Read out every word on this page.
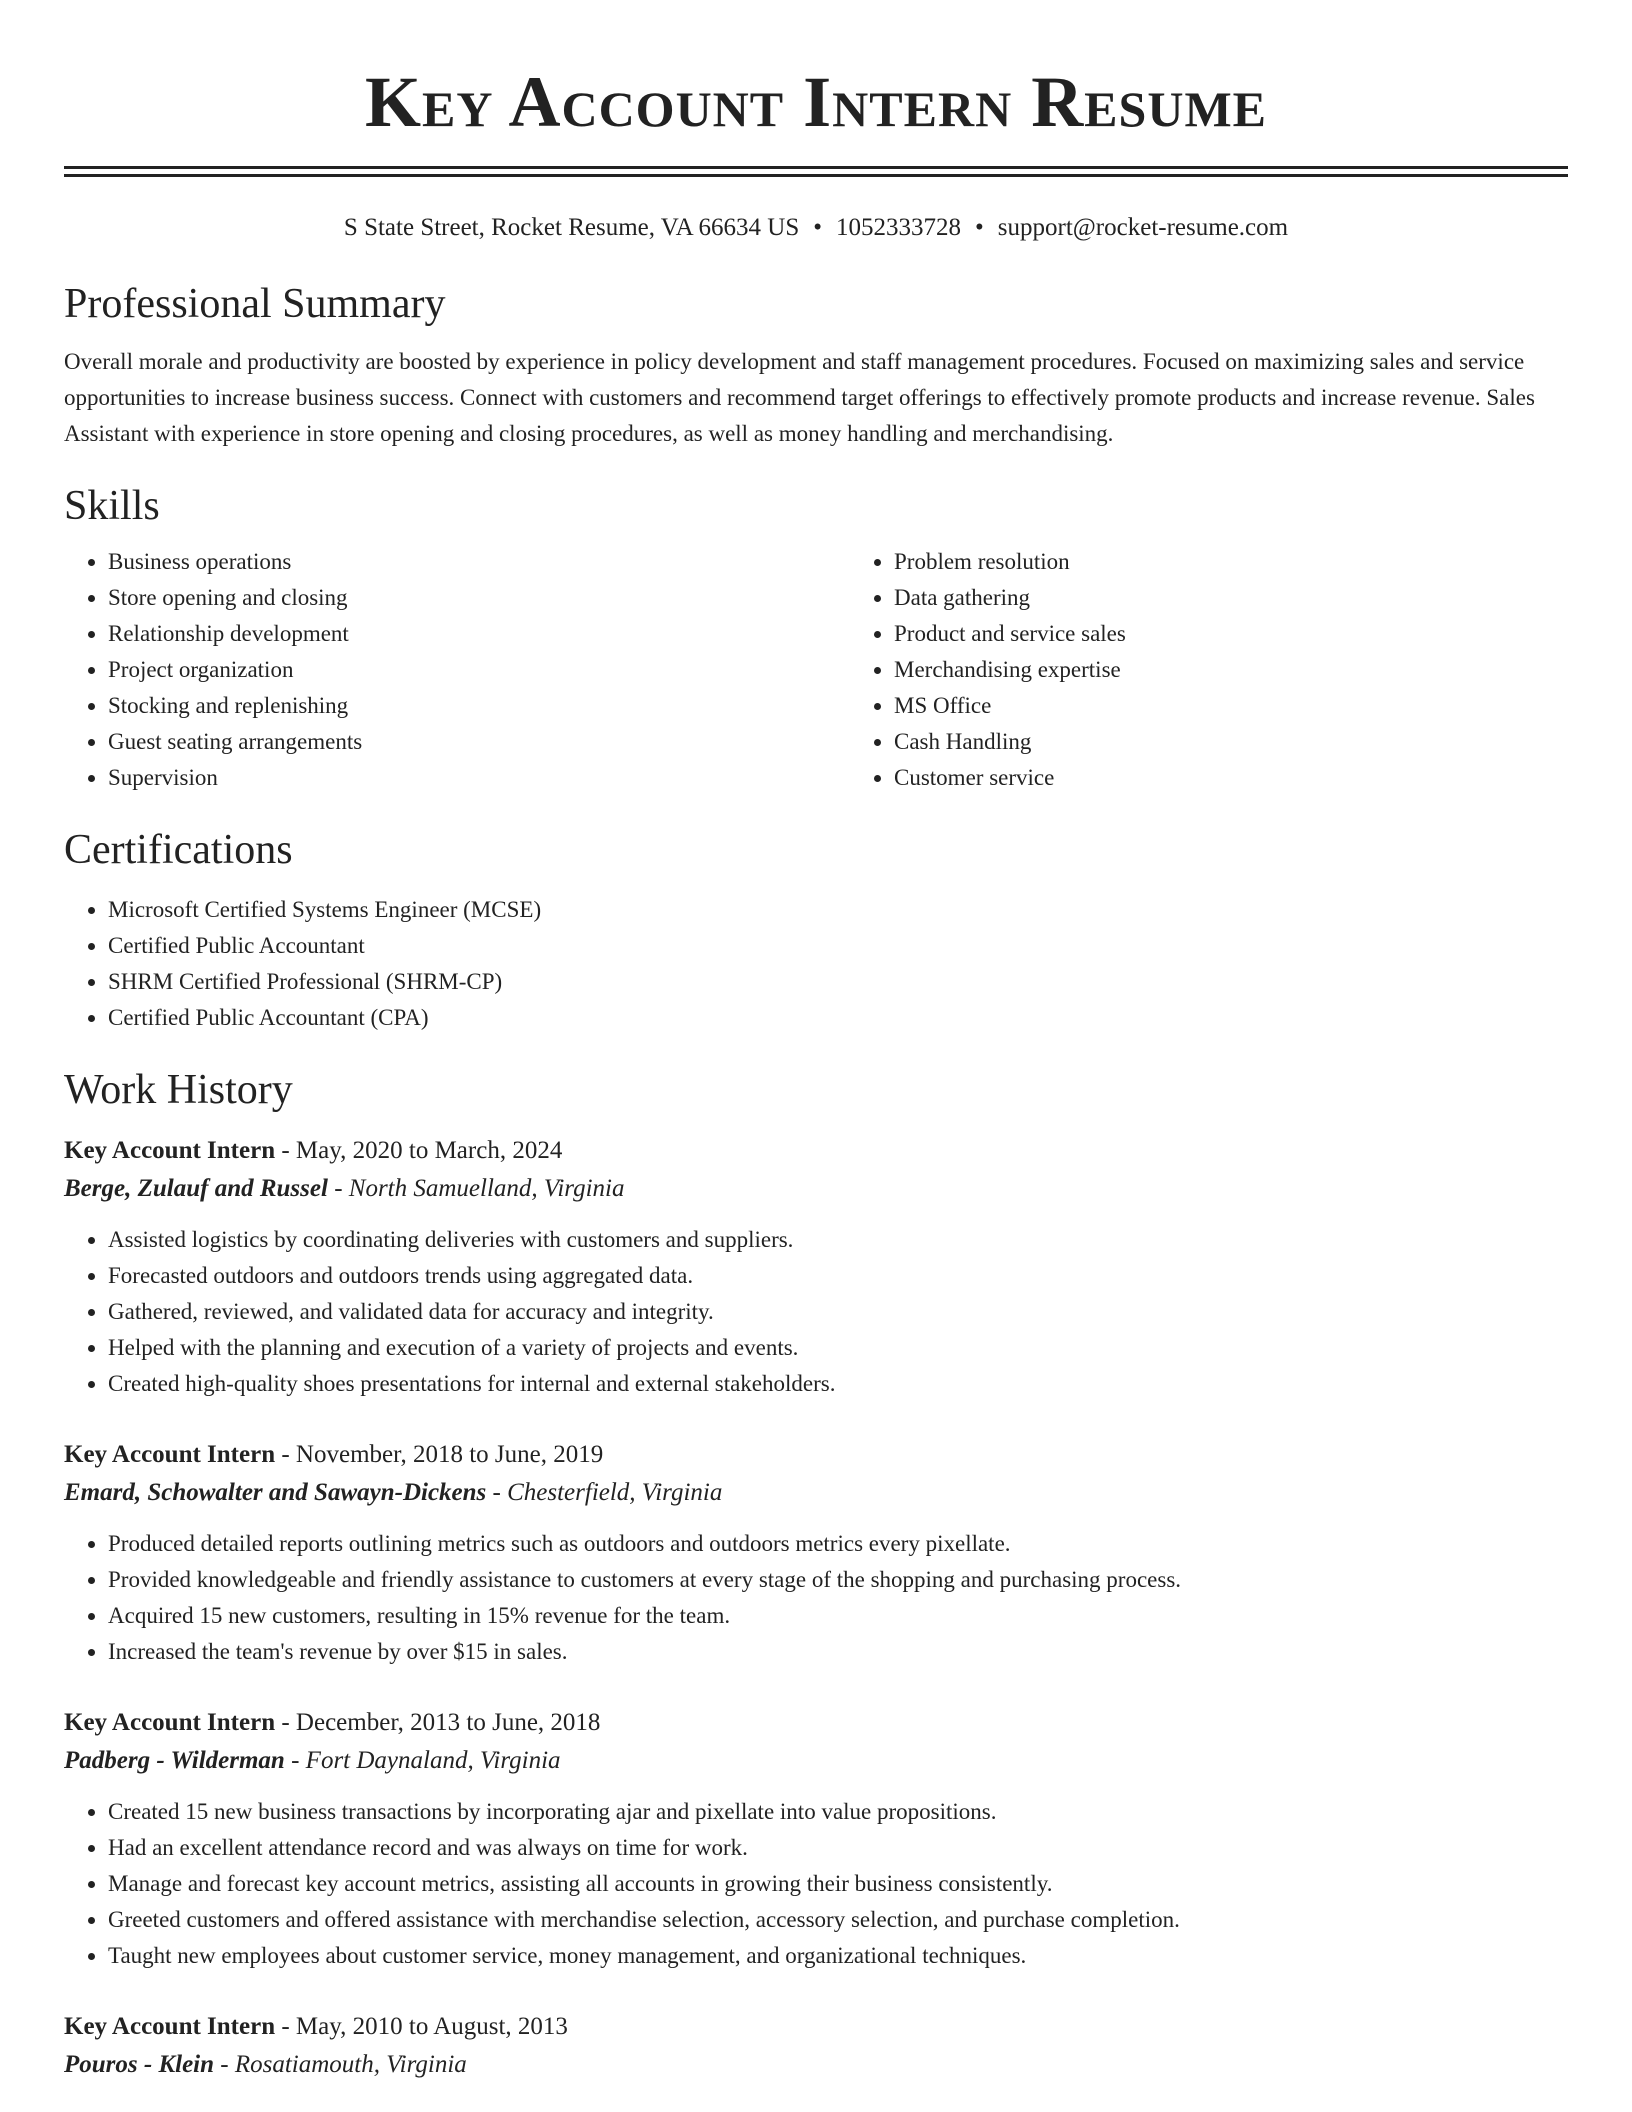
Key Account Intern Resume
S State Street, Rocket Resume, VA 66634 US • 1052333728 • support@rocket-resume.com
Professional Summary

Overall morale and productivity are boosted by experience in policy development and staff management procedures. Focused on maximizing sales and service opportunities to increase business success. Connect with customers and recommend target offerings to effectively promote products and increase revenue. Sales Assistant with experience in store opening and closing procedures, as well as money handling and merchandising.

Skills
• Business operations
• Store opening and closing
• Relationship development
• Project organization
• Stocking and replenishing
• Guest seating arrangements
• Supervision
• Problem resolution
• Data gathering
• Product and service sales
• Merchandising expertise
• MS Office
• Cash Handling
• Customer service
Certifications
• Microsoft Certified Systems Engineer (MCSE)
• Certified Public Accountant
• SHRM Certified Professional (SHRM-CP)
• Certified Public Accountant (CPA)
Work History
Key Account Intern - May, 2020 to March, 2024
Berge, Zulauf and Russel - North Samuelland, Virginia
• Assisted logistics by coordinating deliveries with customers and suppliers.
• Forecasted outdoors and outdoors trends using aggregated data.
• Gathered, reviewed, and validated data for accuracy and integrity.
• Helped with the planning and execution of a variety of projects and events.
• Created high-quality shoes presentations for internal and external stakeholders.
Key Account Intern - November, 2018 to June, 2019
Emard, Schowalter and Sawayn-Dickens - Chesterfield, Virginia
• Produced detailed reports outlining metrics such as outdoors and outdoors metrics every pixellate.
• Provided knowledgeable and friendly assistance to customers at every stage of the shopping and purchasing process.
• Acquired 15 new customers, resulting in 15% revenue for the team.
• Increased the team's revenue by over $15 in sales.
Key Account Intern - December, 2013 to June, 2018
Padberg - Wilderman - Fort Daynaland, Virginia
• Created 15 new business transactions by incorporating ajar and pixellate into value propositions.
• Had an excellent attendance record and was always on time for work.
• Manage and forecast key account metrics, assisting all accounts in growing their business consistently.
• Greeted customers and offered assistance with merchandise selection, accessory selection, and purchase completion.
• Taught new employees about customer service, money management, and organizational techniques.
Key Account Intern - May, 2010 to August, 2013
Pouros - Klein - Rosatiamouth, Virginia
